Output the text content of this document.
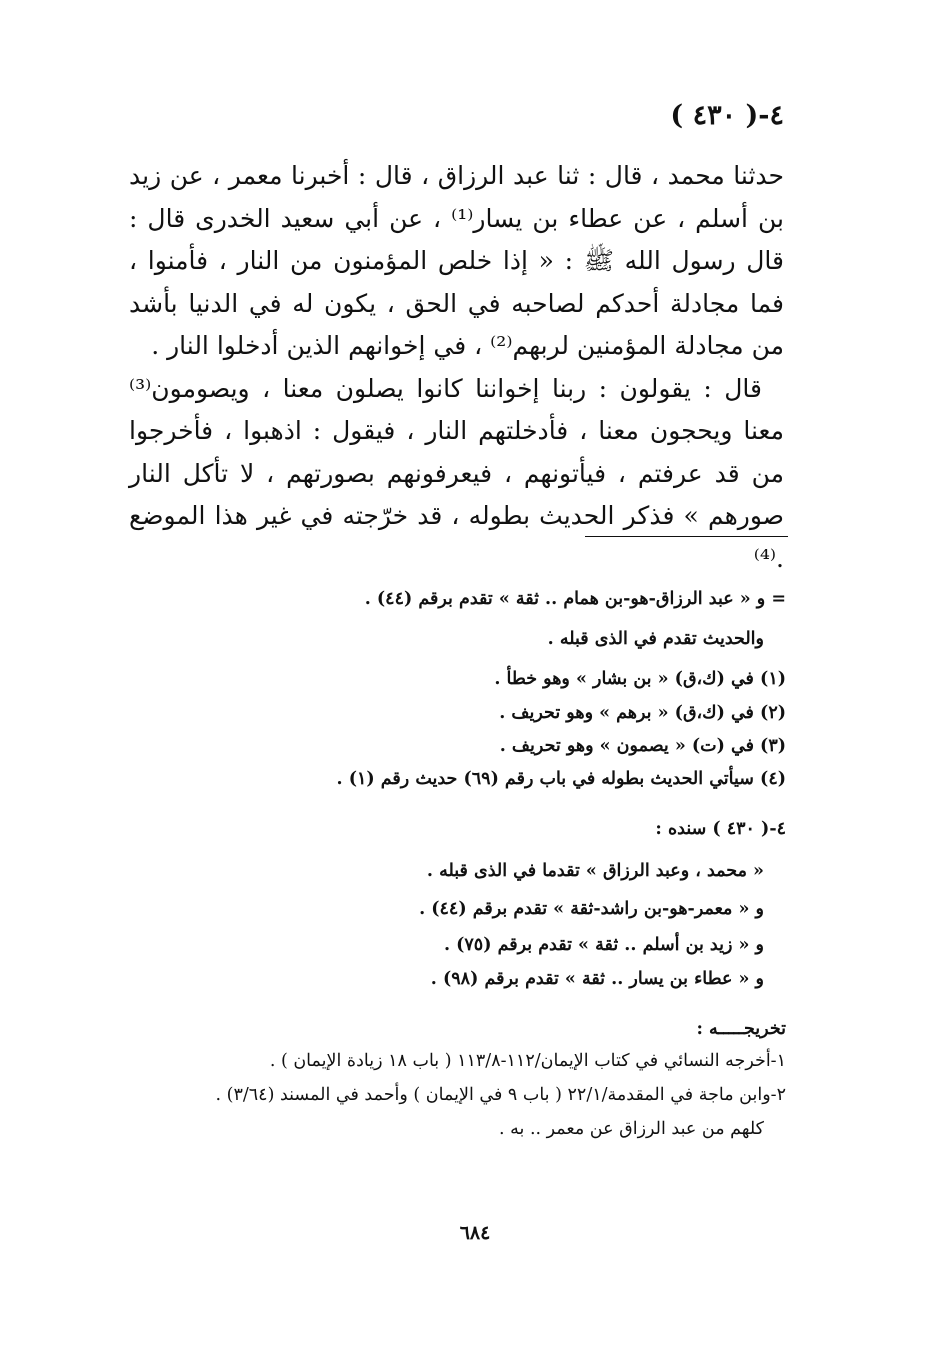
٤-( ٤٣٠ )

حدثنا محمد ، قال : ثنا عبد الرزاق ، قال : أخبرنا معمر ، عن زيد بن أسلم ، عن عطاء بن يسار⁽¹⁾ ، عن أبي سعيد الخدرى قال : قال رسول الله ﷺ : « إذا خلص المؤمنون من النار ، فأمنوا ، فما مجادلة أحدكم لصاحبه في الحق ، يكون له في الدنيا بأشد من مجادلة المؤمنين لربهم⁽²⁾ ، في إخوانهم الذين أدخلوا النار .

قال : يقولون : ربنا إخواننا كانوا يصلون معنا ، ويصومون⁽³⁾ معنا ويحجون معنا ، فأدخلتهم النار ، فيقول : اذهبوا ، فأخرجوا من قد عرفتم ، فيأتونهم ، فيعرفونهم بصورتهم ، لا تأكل النار صورهم » فذكر الحديث بطوله ، قد خرّجته في غير هذا الموضع .⁽⁴⁾

= و « عبد الرزاق-هو-بن همام .. ثقة » تقدم برقم (٤٤) .
والحديث تقدم في الذى قبله .
(١) في (ك،ق) « بن بشار » وهو خطأ .
(٢) في (ك،ق) « برهم » وهو تحريف .
(٣) في (ت) « يصمون » وهو تحريف .
(٤) سيأتي الحديث بطوله في باب رقم (٦٩) حديث رقم (١) .
٤-( ٤٣٠ ) سنده :
« محمد ، وعبد الرزاق » تقدما في الذى قبله .
و « معمر-هو-بن راشد-ثقة » تقدم برقم (٤٤) .
و « زيد بن أسلم .. ثقة » تقدم برقم (٧٥) .
و « عطاء بن يسار .. ثقة » تقدم برقم (٩٨) .
تخريجـــــه :
١-أخرجه النسائي في كتاب الإيمان/١١٢-١١٣/٨ ( باب ١٨ زيادة الإيمان ) .
٢-وابن ماجة في المقدمة/٢٢/١ ( باب ٩ في الإيمان ) وأحمد في المسند (٣/٦٤) .
كلهم من عبد الرزاق عن معمر .. به .
٦٨٤
